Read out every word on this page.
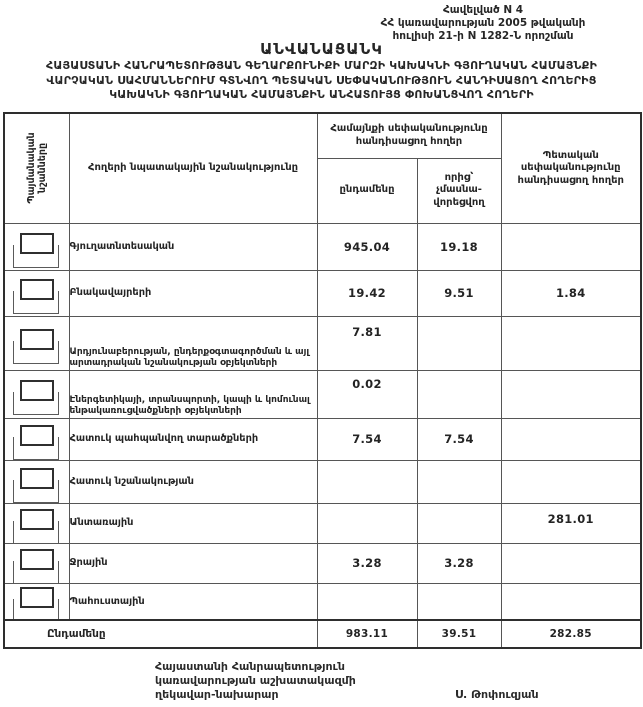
Հավելված N 4
ՀՀ կառավարության 2005 թվականի
հուլիսի 21-ի N 1282-Ն որոշման
ԱՆՎԱՆԱՑԱՆԿ
ՀԱՅԱՍՏԱՆԻ ՀԱՆՐԱՊԵՏՈՒԹՅԱՆ ԳԵՂԱՐՔՈՒՆԻՔԻ ՄԱՐԶԻ ԿԱԽԱԿՆԻ ԳՅՈՒՂԱԿԱՆ ՀԱՄԱՅՆՔԻ
ՎԱՐՉԱԿԱՆ ՍԱՀՄԱՆՆԵՐՈՒՄ ԳՏՆՎՈՂ ՊԵՏԱԿԱՆ ՍԵՓԱԿԱՆՈՒԹՅՈՒՆ ՀԱՆԴԻՍԱՑՈՂ ՀՈՂԵՐԻՑ
ԿԱԽԱԿՆԻ ԳՅՈՒՂԱԿԱՆ ՀԱՄԱՅՆՔԻՆ ԱՆՀԱՏՈՒՅՑ ՓՈԽԱՆՑՎՈՂ ՀՈՂԵՐԻ
Պայմանական նշանները	Հողերի նպատակային նշանակությունը	Համայնքի սեփականությունը հանդիսացող հողեր		Պետական սեփականությունը հանդիսացող հողեր
		ընդամենը	որից՝
չմասնա-
վորեցվող	

	Գյուղատնտեսական	945.04	19.18	

	Բնակավայրերի	19.42	9.51	1.84

	Արդյունաբերության, ընդերքօգտագործման և այլ արտադրական նշանակության օբյեկտների	7.81		

	Էներգետիկայի, տրանսպորտի, կապի և կոմունալ ենթակառուցվածքների օբյեկտների	0.02		

	Հատուկ պահպանվող տարածքների	7.54	7.54	

	Հատուկ նշանակության			

	Անտառային			281.01

	Ջրային	3.28	3.28	

	Պահուստային			
Ընդամենը		983.11	39.51	282.85
Հայաստանի Հանրապետություն
կառավարության աշխատակազմի
ղեկավար-նախարար	Ս. Թոփուզյան
